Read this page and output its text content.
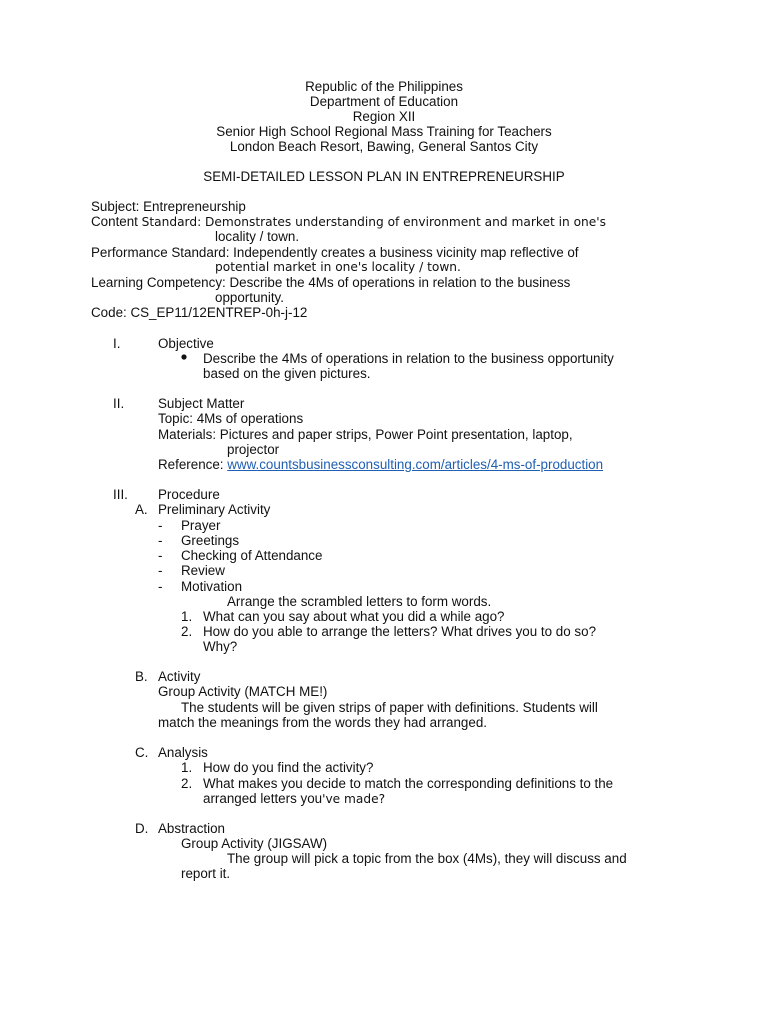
Republic of the Philippines
Department of Education
Region XII
Senior High School Regional Mass Training for Teachers
London Beach Resort, Bawing, General Santos City
SEMI-DETAILED LESSON PLAN IN ENTREPRENEURSHIP
Subject: Entrepreneurship
Content Standard: Demonstrates understanding of environment and market in one's
locality / town.
Performance Standard: Independently creates a business vicinity map reflective of
potential market in one's locality / town.
Learning Competency: Describe the 4Ms of operations in relation to the business
opportunity.
Code: CS_EP11/12ENTREP-0h-j-12
I.	Objective
Describe the 4Ms of operations in relation to the business opportunity
based on the given pictures.
II.	Subject Matter
Topic: 4Ms of operations
Materials: Pictures and paper strips, Power Point presentation, laptop,
projector
Reference: www.countsbusinessconsulting.com/articles/4-ms-of-production
III. Procedure
A. Preliminary Activity
- Prayer
- Greetings
- Checking of Attendance
- Review
- Motivation
Arrange the scrambled letters to form words.
1. What can you say about what you did a while ago?
2. How do you able to arrange the letters? What drives you to do so?
Why?
B. Activity
Group Activity (MATCH ME!)
The students will be given strips of paper with definitions. Students will
match the meanings from the words they had arranged.
C. Analysis
1. How do you find the activity?
2. What makes you decide to match the corresponding definitions to the
arranged letters you've made?
D. Abstraction
Group Activity (JIGSAW)
The group will pick a topic from the box (4Ms), they will discuss and
report it.
